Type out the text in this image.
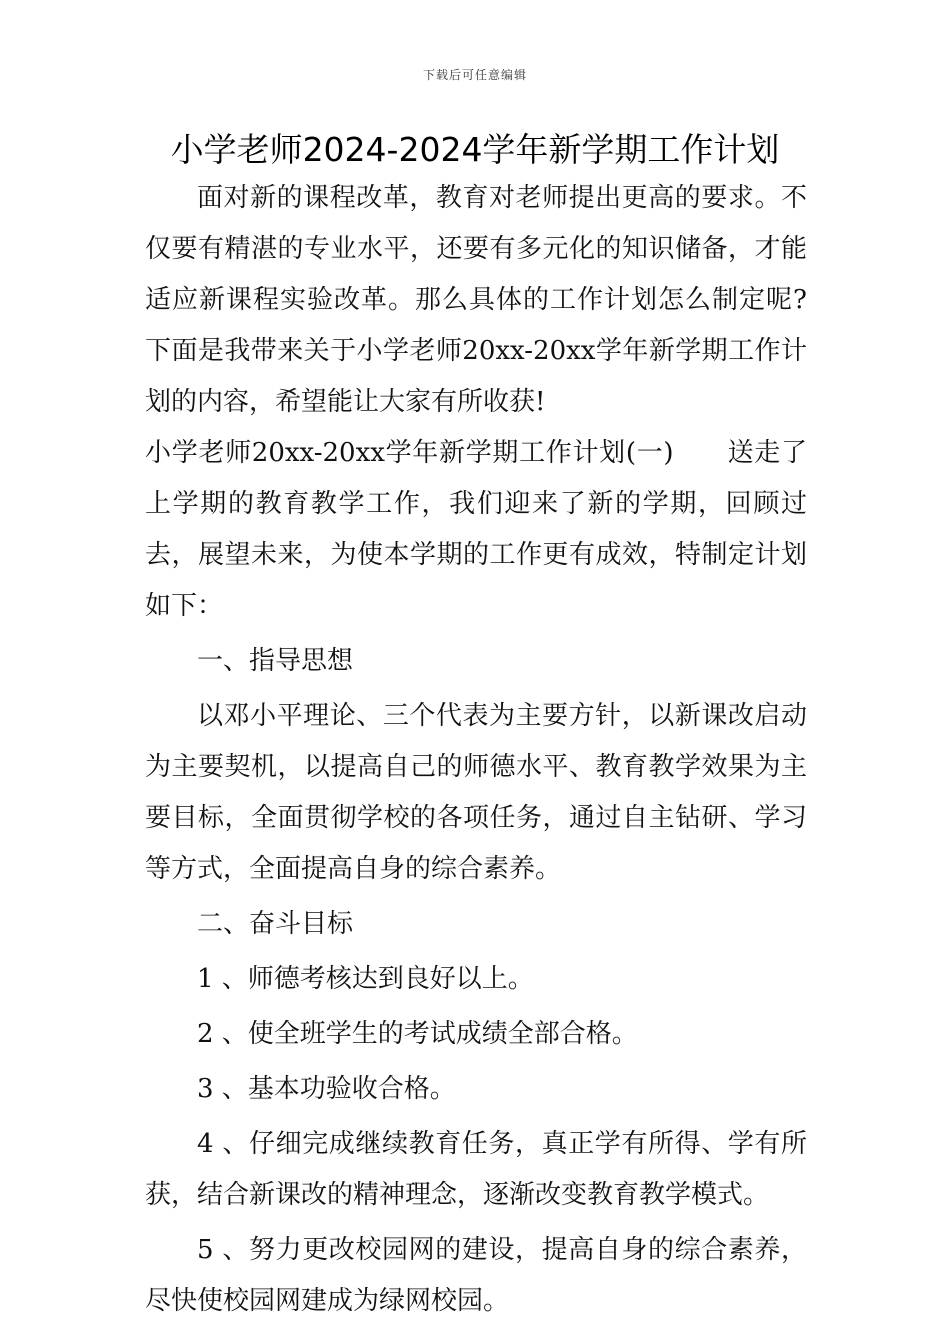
下载后可任意编辑
小学老师2024-2024学年新学期工作计划

面对新的课程改革，教育对老师提出更高的要求。不仅要有精湛的专业水平，还要有多元化的知识储备，才能适应新课程实验改革。那么具体的工作计划怎么制定呢?下面是我带来关于小学老师20xx-20xx学年新学期工作计划的内容，希望能让大家有所收获!

小学老师20xx-20xx学年新学期工作计划(一)　　送走了上学期的教育教学工作，我们迎来了新的学期，回顾过去，展望未来，为使本学期的工作更有成效，特制定计划如下：

一、指导思想

以邓小平理论、三个代表为主要方针，以新课改启动为主要契机，以提高自己的师德水平、教育教学效果为主要目标，全面贯彻学校的各项任务，通过自主钻研、学习等方式，全面提高自身的综合素养。

二、奋斗目标

1 、师德考核达到良好以上。

2 、使全班学生的考试成绩全部合格。

3 、基本功验收合格。

4 、仔细完成继续教育任务，真正学有所得、学有所获，结合新课改的精神理念，逐渐改变教育教学模式。

5 、努力更改校园网的建设，提高自身的综合素养，尽快使校园网建成为绿网校园。
